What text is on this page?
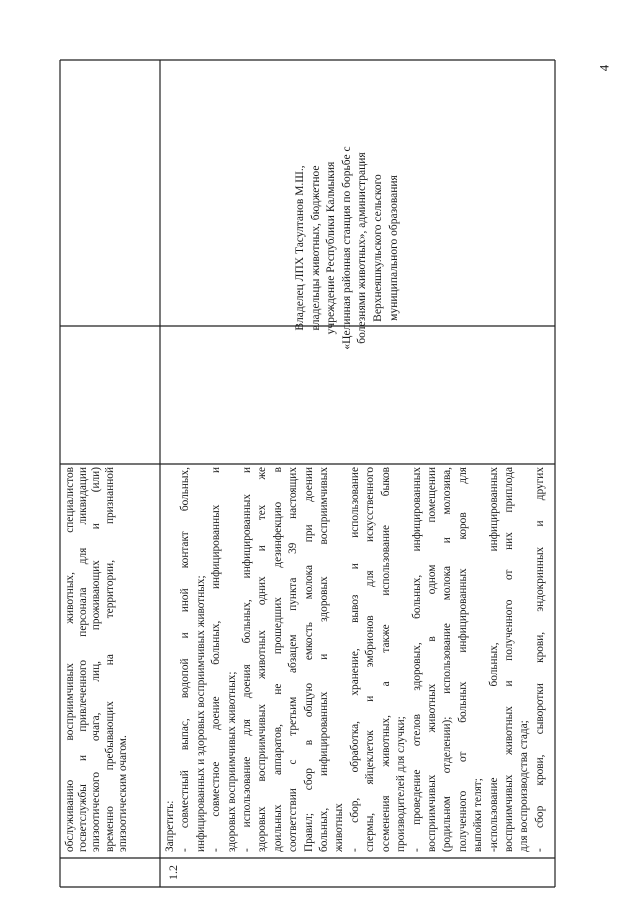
4

обслуживанию восприимчивых животных, специалистов госветслужбы и привлеченного персонала для ликвидации эпизоотического очага, лиц, проживающих и (или) временно пребывающих на территории, признанной эпизоотическим очагом.

1.2

Запретить: - совместный выпас, водопой и иной контакт больных, инфицированных и здоровых восприимчивых животных; - совместное доение больных, инфицированных и здоровых восприимчивых животных; - использование для доения больных, инфицированных и здоровых восприимчивых животных одних и тех же доильных аппаратов, не прошедших дезинфекцию в соответствии с третьим абзацем пункта 39 настоящих Правил; сбор в общую емкость молока при доении больных, инфицированных и здоровых восприимчивых животных - сбор, обработка, хранение, вывоз и использование спермы, яйцеклеток и эмбрионов для искусственного осеменения животных, а также использование быков производителей для случки; - проведение отелов здоровых, больных, инфицированных восприимчивых животных в одном помещении (родильном отделении); использование молока и молозива, полученного от больных инфицированных коров для выпойки телят; -использование больных, инфицированных восприимчивых животных и полученного от них приплода для воспроизводства стада; - сбор крови, сыворотки крови, эндокринных и других

Владелец ЛПХ Тасултанов М.Ш., владельцы животных, бюджетное учреждение Республики Калмыкия «Целинная районная станция по борьбе с болезнями животных», администрация Верхнеяшкульского сельского муниципального образования
